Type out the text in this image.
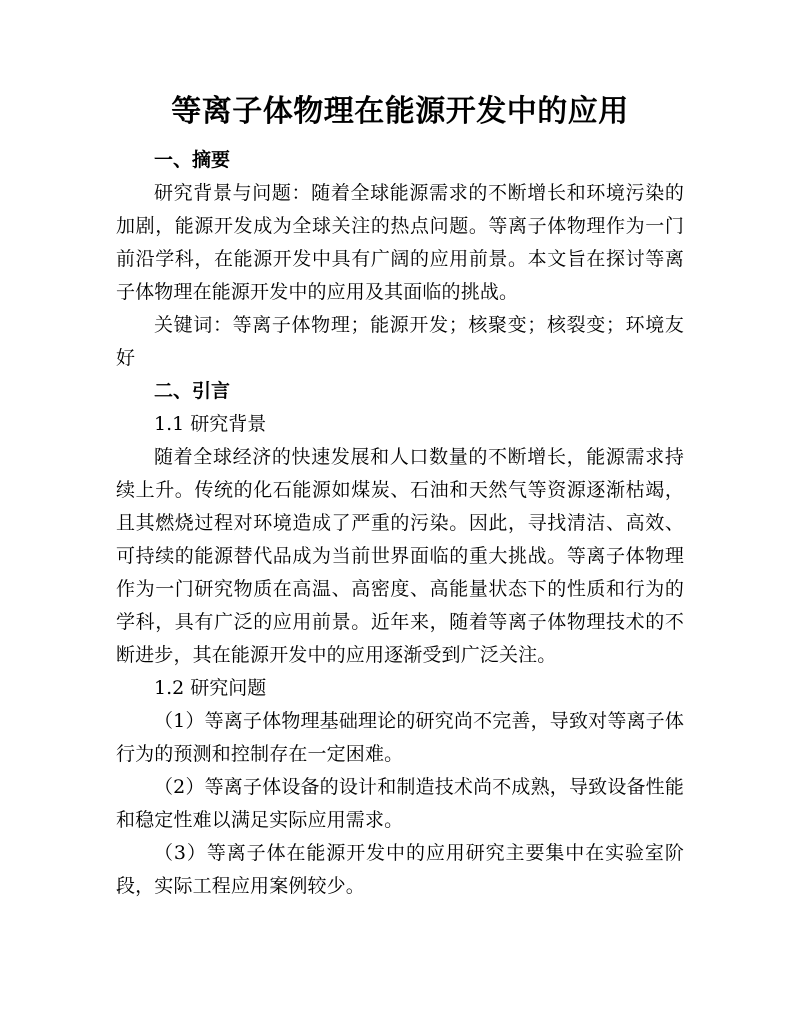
等离子体物理在能源开发中的应用
一、摘要

研究背景与问题：随着全球能源需求的不断增长和环境污染的加剧，能源开发成为全球关注的热点问题。等离子体物理作为一门前沿学科，在能源开发中具有广阔的应用前景。本文旨在探讨等离子体物理在能源开发中的应用及其面临的挑战。

关键词：等离子体物理；能源开发；核聚变；核裂变；环境友好

二、引言
1.1 研究背景

随着全球经济的快速发展和人口数量的不断增长，能源需求持续上升。传统的化石能源如煤炭、石油和天然气等资源逐渐枯竭，且其燃烧过程对环境造成了严重的污染。因此，寻找清洁、高效、可持续的能源替代品成为当前世界面临的重大挑战。等离子体物理作为一门研究物质在高温、高密度、高能量状态下的性质和行为的学科，具有广泛的应用前景。近年来，随着等离子体物理技术的不断进步，其在能源开发中的应用逐渐受到广泛关注。

1.2 研究问题

（1）等离子体物理基础理论的研究尚不完善，导致对等离子体行为的预测和控制存在一定困难。

（2）等离子体设备的设计和制造技术尚不成熟，导致设备性能和稳定性难以满足实际应用需求。

（3）等离子体在能源开发中的应用研究主要集中在实验室阶段，实际工程应用案例较少。
